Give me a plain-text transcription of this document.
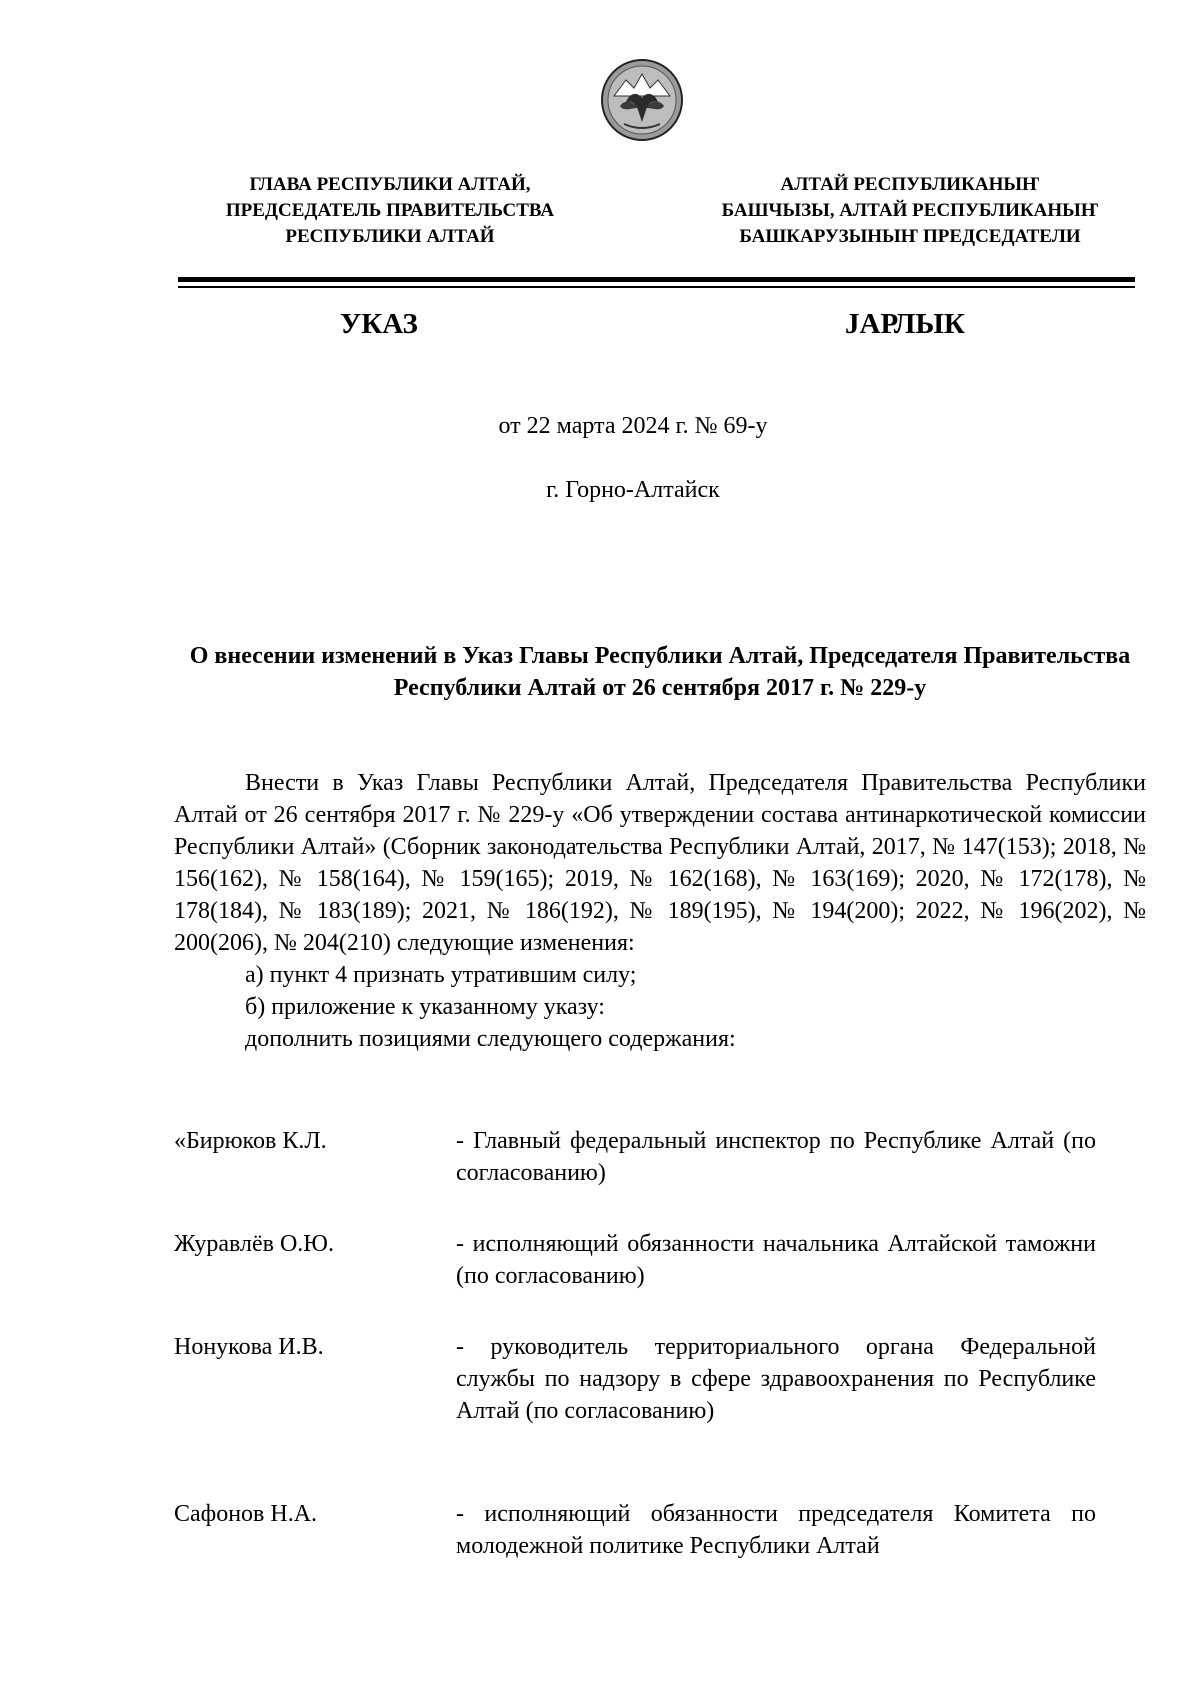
ГЛАВА РЕСПУБЛИКИ АЛТАЙ,
ПРЕДСЕДАТЕЛЬ ПРАВИТЕЛЬСТВА
РЕСПУБЛИКИ АЛТАЙ
АЛТАЙ РЕСПУБЛИКАНЫҤ
БАШЧЫЗЫ, АЛТАЙ РЕСПУБЛИКАНЫҤ
БАШКАРУЗЫНЫҤ ПРЕДСЕДАТЕЛИ
УКАЗ	JАРЛЫК
от 22 марта 2024 г. № 69-у
г. Горно-Алтайск
О внесении изменений в Указ Главы Республики Алтай, Председателя Правительства Республики Алтай от 26 сентября 2017 г. № 229-у

Внести в Указ Главы Республики Алтай, Председателя Правительства Республики Алтай от 26 сентября 2017 г. № 229-у «Об утверждении состава антинаркотической комиссии Республики Алтай» (Сборник законодательства Республики Алтай, 2017, № 147(153); 2018, № 156(162), № 158(164), № 159(165); 2019, № 162(168), № 163(169); 2020, № 172(178), № 178(184), № 183(189); 2021, № 186(192), № 189(195), № 194(200); 2022, № 196(202), № 200(206), № 204(210) следующие изменения:

а) пункт 4 признать утратившим силу;

б) приложение к указанному указу:

дополнить позициями следующего содержания:

«Бирюков К.Л.	- Главный федеральный инспектор по Республике Алтай (по согласованию)
Журавлёв О.Ю.	- исполняющий обязанности начальника Алтайской таможни (по согласованию)
Нонукова И.В.	- руководитель территориального органа Федеральной службы по надзору в сфере здравоохранения по Республике Алтай (по согласованию)
Сафонов Н.А.	- исполняющий обязанности председателя Комитета по молодежной политике Республики Алтай
